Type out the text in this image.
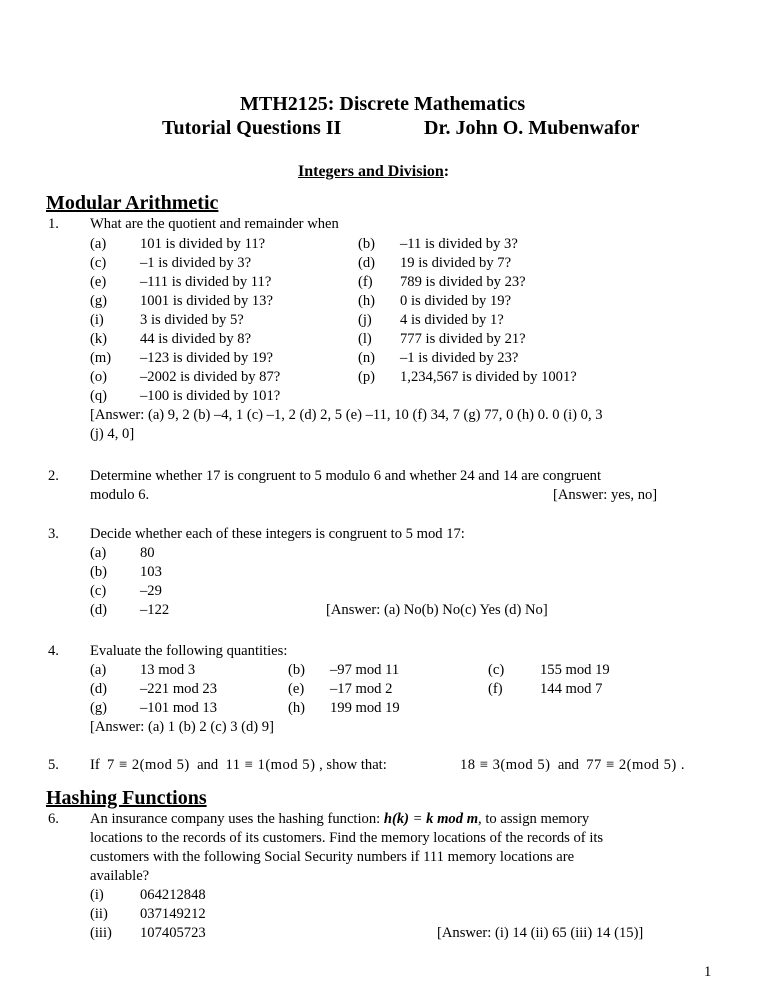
MTH2125: Discrete Mathematics
Tutorial Questions II	Dr. John O. Mubenwafor
Integers and Division:
Modular Arithmetic
1. What are the quotient and remainder when
(a) 101 is divided by 11?	(b) –11 is divided by 3?
(c) –1 is divided by 3?	(d) 19 is divided by 7?
(e) –111 is divided by 11?	(f) 789 is divided by 23?
(g) 1001 is divided by 13?	(h) 0 is divided by 19?
(i) 3 is divided by 5?	(j) 4 is divided by 1?
(k) 44 is divided by 8?	(l) 777 is divided by 21?
(m) –123 is divided by 19?	(n) –1 is divided by 23?
(o) –2002 is divided by 87?	(p) 1,234,567 is divided by 1001?
(q) –100 is divided by 101?
[Answer: (a) 9, 2 (b) –4, 1 (c) –1, 2 (d) 2, 5 (e) –11, 10 (f) 34, 7 (g) 77, 0 (h) 0. 0 (i) 0, 3
(j) 4, 0]
2. Determine whether 17 is congruent to 5 modulo 6 and whether 24 and 14 are congruent
modulo 6.	[Answer: yes, no]
3. Decide whether each of these integers is congruent to 5 mod 17:
(a) 80
(b) 103
(c) –29
(d) –122	[Answer: (a) No(b) No(c) Yes (d) No]
4. Evaluate the following quantities:
(a) 13 mod 3	(b) –97 mod 11	(c) 155 mod 19
(d) –221 mod 23	(e) –17 mod 2	(f)	144 mod 7
(g) –101 mod 13	(h) 199 mod 19
[Answer: (a) 1 (b) 2 (c) 3 (d) 9]
5. If 7 ≡ 2(mod 5) and 11 ≡ 1(mod 5) , show that:	18 ≡ 3(mod 5) and 77 ≡ 2(mod 5) .
Hashing Functions
6. An insurance company uses the hashing function: h(k) = k mod m, to assign memory
locations to the records of its customers. Find the memory locations of the records of its
customers with the following Social Security numbers if 111 memory locations are
available?
(i) 064212848
(ii) 037149212
(iii) 107405723	[Answer: (i) 14 (ii) 65 (iii) 14 (15)]
1
